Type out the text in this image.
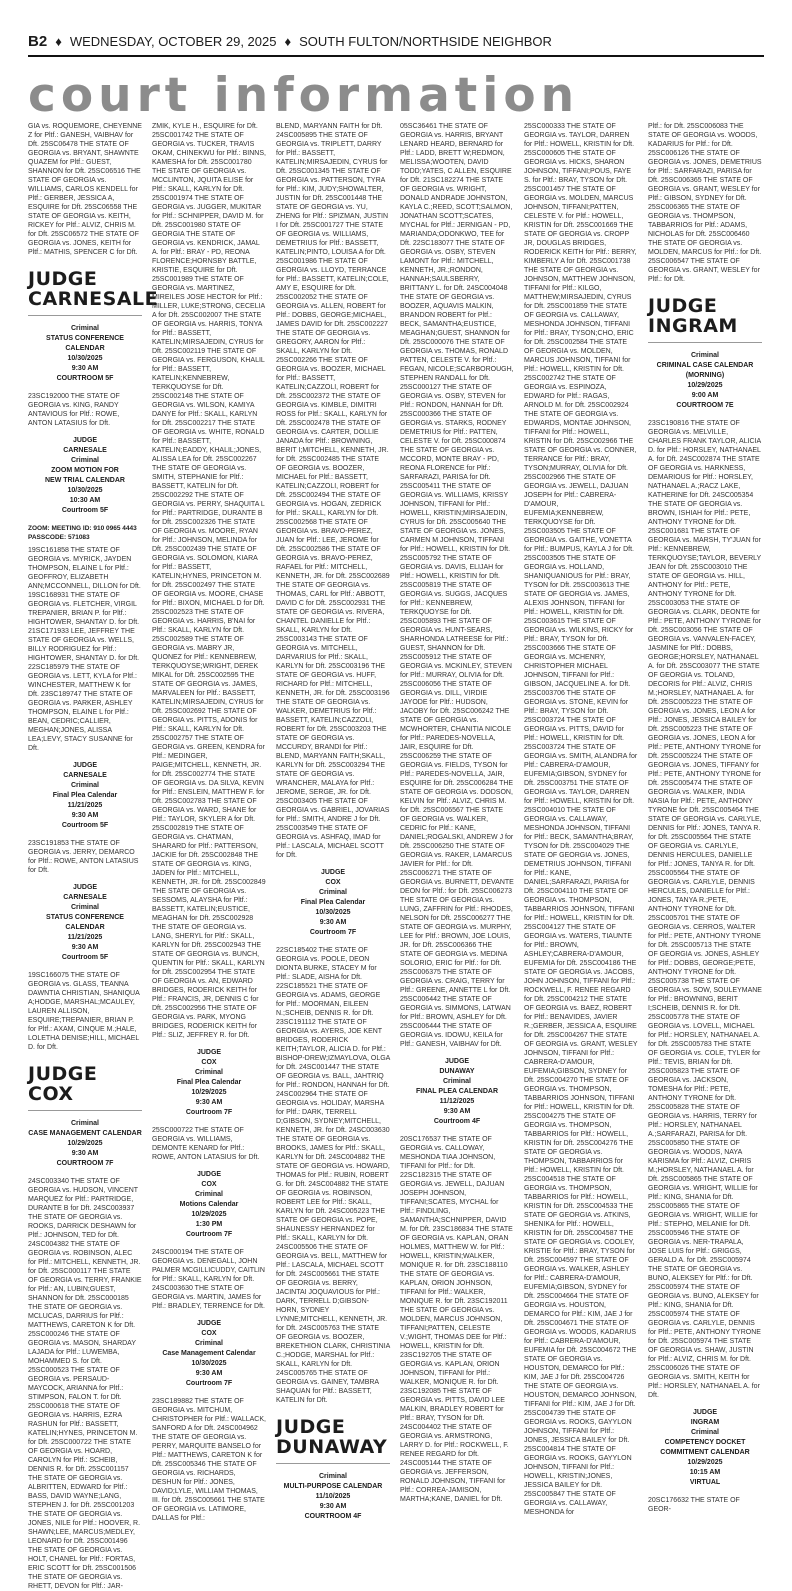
B2 ♦ WEDNESDAY, OCTOBER 29, 2025 ♦ SOUTH FULTON/NORTHSIDE NEIGHBOR
court information

GIA vs. ROQUEMORE, CHEYENNE Z for Pltf.: GANESH, VAIBHAV for Dft. 25SC06478 THE STATE OF GEORGIA vs. BRYANT, SHAWNTE QUAZEM for Pltf.: GUEST, SHANNON for Dft. 25SC06516 THE STATE OF GEORGIA vs. WILLIAMS, CARLOS KENDELL for Pltf.: GERBER, JESSICA A, ESQUIRE for Dft. 25SC06558 THE STATE OF GEORGIA vs. KEITH, RICKEY for Pltf.: ALVIZ, CHRIS M. for Dft. 25SC06572 THE STATE OF GEORGIA vs. JONES, KEITH for Pltf.: MATHIS, SPENCER C for Dft.

JUDGE
CARNESALE
Criminal
STATUS CONFERENCE CALENDAR
10/30/2025
9:30 AM
COURTROOM 5F

23SC192000 THE STATE OF GEORGIA vs. KING, RANDY ANTAVIOUS for Pltf.: ROWE, ANTON LATASIUS for Dft.

JUDGE
CARNESALE
Criminal
ZOOM MOTION FOR
NEW TRIAL CALENDAR
10/30/2025
10:30 AM
Courtroom 5F
ZOOM: MEETING ID: 910 0965 4443 PASSCODE: 571083

19SC161858 THE STATE OF GEORGIA vs. MYRICK, JAYDEN THOMPSON, ELAINE L for Pltf.: GEOFFROY, ELIZABETH ANN;MCCONNELL, DILLON for Dft. 19SC168931 THE STATE OF GEORGIA vs. FLETCHER, VIRGIL TREPANIER, BRIAN P. for Pltf.: HIGHTOWER, SHANTAY D. for Dft. 21SC171933 LEE, JEFFREY THE STATE OF GEORGIA vs. WELLS, BILLY RODRIGUEZ for Pltf.: HIGHTOWER, SHANTAY D. for Dft. 22SC185979 THE STATE OF GEORGIA vs. LETT, KYLA for Pltf.: WINCHESTER, MATTHEW K for Dft. 23SC189747 THE STATE OF GEORGIA vs. PARKER, ASHLEY THOMPSON, ELAINE L for Pltf.: BEAN, CEDRIC;CALLIER, MEGHAN;JONES, ALISSA LEA;LEVY, STACY SUSANNE for Dft.

JUDGE
CARNESALE
Criminal
Final Plea Calendar
11/21/2025
9:30 AM
Courtroom 5F

23SC191853 THE STATE OF GEORGIA vs. JERRY, DEMARCO for Pltf.: ROWE, ANTON LATASIUS for Dft.

JUDGE
CARNESALE
Criminal
STATUS CONFERENCE CALENDAR
11/21/2025
9:30 AM
Courtroom 5F

19SC166075 THE STATE OF GEORGIA vs. GLASS, TEANNA DAWNTIA CHRISTIAN, SHANIQUA A;HODGE, MARSHAL;MCAULEY, LAUREN ALLISON, ESQUIRE;TREPANIER, BRIAN P. for Pltf.: AXAM, CINQUE M.;HALE, LOLETHA DENISE;HILL, MICHAEL D. for Dft.

JUDGE
COX
Criminal
CASE MANAGEMENT CALENDAR
10/29/2025
9:30 AM
COURTROOM 7F

24SC003340 THE STATE OF GEORGIA vs. HUDSON, VINCENT MARQUEZ for Pltf.: PARTRIDGE, DURANTE B for Dft. 24SC003937 THE STATE OF GEORGIA vs. ROOKS, DARRICK DESHAWN for Pltf.: JOHNSON, TED for Dft. 24SC004382 THE STATE OF GEORGIA vs. ROBINSON, ALEC for Pltf.: MITCHELL, KENNETH, JR. for Dft. 25SC000117 THE STATE OF GEORGIA vs. TERRY, FRANKIE for Pltf.: AN, LUBIN;GUEST, SHANNON for Dft. 25SC000185 THE STATE OF GEORGIA vs. MCLUCAS, DARRIUS for Pltf.: MATTHEWS, CARETON K for Dft. 25SC000246 THE STATE OF GEORGIA vs. MASON, SHARDAY LAJADA for Pltf.: LUWEMBA, MOHAMMED S. for Dft. 25SC000523 THE STATE OF GEORGIA vs. PERSAUD-MAYCOCK, ARIANNA for Pltf.: STIMPSON, FALON T. for Dft. 25SC000618 THE STATE OF GEORGIA vs. HARRIS, EZRA RASHUN for Pltf.: BASSETT, KATELIN;HYNES, PRINCETON M. for Dft. 25SC000722 THE STATE OF GEORGIA vs. HOARD, CAROLYN for Pltf.: SCHEIB, DENNIS R. for Dft. 25SC001157 THE STATE OF GEORGIA vs. ALBRITTEN, EDWARD for Pltf.: BASS, DAVID WAYNE;LANG, STEPHEN J. for Dft. 25SC001203 THE STATE OF GEORGIA vs. JONES, NILE for Pltf.: HOOVER, R. SHAWN;LEE, MARCUS;MEDLEY, LEONARD for Dft. 25SC001496 THE STATE OF GEORGIA vs. HOLT, CHANEL for Pltf.: FORTAS, ERIC SCOTT for Dft. 25SC001506 THE STATE OF GEORGIA vs. RHETT, DEVON for Pltf.: JAR-

ZMIK, KYLE H., ESQUIRE for Dft. 25SC001742 THE STATE OF GEORGIA vs. TUCKER, TRAVIS OKAM, CHINEKWU for Pltf.: BINNS, KAMESHA for Dft. 25SC001780 THE STATE OF GEORGIA vs. MCCLINTON, JQUITA ELISE for Pltf.: SKALL, KARLYN for Dft. 25SC001974 THE STATE OF GEORGIA vs. JUGGER, MUKITAR for Pltf.: SCHNIPPER, DAVID M. for Dft. 25SC001980 STATE OF GEORGIA THE STATE OF GEORGIA vs. KENDRICK, JAMAL A. for Pltf.: BRAY - PD, REONA FLORENCE;HORNSBY BATTLE, KRISTIE, ESQUIRE for Dft. 25SC001989 THE STATE OF GEORGIA vs. MARTINEZ, MIREILES JOSE HECTOR for Pltf.: MILLER, LUKE;STRONG, CECELIA A for Dft. 25SC002007 THE STATE OF GEORGIA vs. HARRIS, TONYA for Pltf.: BASSETT, KATELIN;MIRSAJEDIN, CYRUS for Dft. 25SC002119 THE STATE OF GEORGIA vs. FERGUSON, KHALIL for Pltf.: BASSETT, KATELIN;KENNEBREW, TERKQUOYSE for Dft. 25SC002148 THE STATE OF GEORGIA vs. WILSON, KAMIYA DANYE for Pltf.: SKALL, KARLYN for Dft. 25SC002217 THE STATE OF GEORGIA vs. WHITE, RONALD for Pltf.: BASSETT, KATELIN;EADDY, KHALIL;JONES, ALISSA LEA for Dft. 25SC002267 THE STATE OF GEORGIA vs. SMITH, STEPHANIE for Pltf.: BASSETT, KATELIN for Dft. 25SC002292 THE STATE OF GEORGIA vs. PERRY, SHAQUITA L for Pltf.: PARTRIDGE, DURANTE B for Dft. 25SC002326 THE STATE OF GEORGIA vs. MOORE, RYAN for Pltf.: JOHNSON, MELINDA for Dft. 25SC002439 THE STATE OF GEORGIA vs. SOLOMON, KIARA for Pltf.: BASSETT, KATELIN;HYNES, PRINCETON M. for Dft. 25SC002497 THE STATE OF GEORGIA vs. MOORE, CHASE for Pltf.: BIXON, MICHAEL D for Dft. 25SC002523 THE STATE OF GEORGIA vs. HARRIS, B'NAI for Pltf.: SKALL, KARLYN for Dft. 25SC002589 THE STATE OF GEORGIA vs. MABRY JR, QUONEZ for Pltf.: KENNEBREW, TERKQUOYSE;WRIGHT, DEREK MIKAL for Dft. 25SC002595 THE STATE OF GEORGIA vs. JAMES, MARVALEEN for Pltf.: BASSETT, KATELIN;MIRSAJEDIN, CYRUS for Dft. 25SC002692 THE STATE OF GEORGIA vs. PITTS, ADONIS for Pltf.: SKALL, KARLYN for Dft. 25SC002757 THE STATE OF GEORGIA vs. GREEN, KENDRA for Pltf.: MEDINGER, PAIGE;MITCHELL, KENNETH, JR. for Dft. 25SC002774 THE STATE OF GEORGIA vs. DA SILVA, KEVIN for Pltf.: ENSLEIN, MATTHEW F. for Dft. 25SC002783 THE STATE OF GEORGIA vs. WARD, SHANE for Pltf.: TAYLOR, SKYLER A for Dft. 25SC002819 THE STATE OF GEORGIA vs. CHATMAN, SHARARD for Pltf.: PATTERSON, JACKIE for Dft. 25SC002848 THE STATE OF GEORGIA vs. KING, JADEN for Pltf.: MITCHELL, KENNETH, JR. for Dft. 25SC002849 THE STATE OF GEORGIA vs. SESSOMS, ALAYSHA for Pltf.: BASSETT, KATELIN;EUSTICE, MEAGHAN for Dft. 25SC002928 THE STATE OF GEORGIA vs. LANG, SHERYL for Pltf.: SKALL, KARLYN for Dft. 25SC002943 THE STATE OF GEORGIA vs. BUNCH, QUENTIN for Pltf.: SKALL, KARLYN for Dft. 25SC002954 THE STATE OF GEORGIA vs. AN, EDWARD BRIDGES, RODERICK KEITH for Pltf.: FRANCIS, JR, DENNIS C for Dft. 25SC002956 THE STATE OF GEORGIA vs. PARK, MYONG BRIDGES, RODERICK KEITH for Pltf.: SLIZ, JEFFREY R. for Dft.

JUDGE
COX
Criminal
Final Plea Calendar
10/29/2025
9:30 AM
Courtroom 7F

25SC000722 THE STATE OF GEORGIA vs. WILLIAMS, DEMONTE KENARD for Pltf.: ROWE, ANTON LATASIUS for Dft.

JUDGE
COX
Criminal
Motions Calendar
10/29/2025
1:30 PM
Courtroom 7F

24SC000194 THE STATE OF GEORGIA vs. DENEGALL, JOHN PALMER MCGILLICUDDY, CAITLIN for Pltf.: SKALL, KARLYN for Dft. 24SC003630 THE STATE OF GEORGIA vs. MARTIN, JAMES for Pltf.: BRADLEY, TERRENCE for Dft.

JUDGE
COX
Criminal
Case Management Calendar
10/30/2025
9:30 AM
Courtroom 7F

23SC189882 THE STATE OF GEORGIA vs. MITCHUM, CHRISTOPHER for Pltf.: WALLACK, SANFORD A for Dft. 24SC004962 THE STATE OF GEORGIA vs. PERRY, MARQUITE BANSELO for Pltf.: MATTHEWS, CARETON K for Dft. 25SC005346 THE STATE OF GEORGIA vs. RICHARDS, DESHUN for Pltf.: JONES, DAVID;LYLE, WILLIAM THOMAS, III. for Dft. 25SC005661 THE STATE OF GEORGIA vs. LATIMORE, DALLAS for Pltf.:

BLEND, MARYANN FAITH for Dft. 24SC005895 THE STATE OF GEORGIA vs. TRIPLETT, DARRY for Pltf.: BASSETT, KATELIN;MIRSAJEDIN, CYRUS for Dft. 25SC001345 THE STATE OF GEORGIA vs. PATTERSON, TYRA for Pltf.: KIM, JUDY;SHOWALTER, JUSTIN for Dft. 25SC001448 THE STATE OF GEORGIA vs. YU, ZHENG for Pltf.: SPIZMAN, JUSTIN I for Dft. 25SC001727 THE STATE OF GEORGIA vs. WILLIAMS, DEMETRIUS for Pltf.: BASSETT, KATELIN;PINTO, LOUISA A for Dft. 25SC001986 THE STATE OF GEORGIA vs. LLOYD, TERRANCE for Pltf.: BASSETT, KATELIN;COLE, AMY E, ESQUIRE for Dft. 25SC002052 THE STATE OF GEORGIA vs. ALLEN, ROBERT for Pltf.: DOBBS, GEORGE;MICHAEL, JAMES DAVID for Dft. 25SC002227 THE STATE OF GEORGIA vs. GREGORY, AARON for Pltf.: SKALL, KARLYN for Dft. 25SC002266 THE STATE OF GEORGIA vs. BOOZER, MICHAEL for Pltf.: BASSETT, KATELIN;CAZZOLI, ROBERT for Dft. 25SC002372 THE STATE OF GEORGIA vs. KIMBLE, DIMITRI ROSS for Pltf.: SKALL, KARLYN for Dft. 25SC002478 THE STATE OF GEORGIA vs. CARTER, DOLLIE JANADA for Pltf.: BROWNING, BERIT I;MITCHELL, KENNETH, JR. for Dft. 25SC002485 THE STATE OF GEORGIA vs. BOOZER, MICHAEL for Pltf.: BASSETT, KATELIN;CAZZOLI, ROBERT for Dft. 25SC002494 THE STATE OF GEORGIA vs. HOGAN, ZEDRICK for Pltf.: SKALL, KARLYN for Dft. 25SC002568 THE STATE OF GEORGIA vs. BRAVO-PEREZ, JUAN for Pltf.: LEE, JEROME for Dft. 25SC002586 THE STATE OF GEORGIA vs. BRAVO-PEREZ, RAFAEL for Pltf.: MITCHELL, KENNETH, JR. for Dft. 25SC002689 THE STATE OF GEORGIA vs. THOMAS, CARL for Pltf.: ABBOTT, DAVID C for Dft. 25SC002931 THE STATE OF GEORGIA vs. RIVERA, CHANTEL DANIELLE for Pltf.: SKALL, KARLYN for Dft. 25SC003143 THE STATE OF GEORGIA vs. MITCHELL, DARVARIUS for Pltf.: SKALL, KARLYN for Dft. 25SC003196 THE STATE OF GEORGIA vs. HUFF, RICHARD for Pltf.: MITCHELL, KENNETH, JR. for Dft. 25SC003196 THE STATE OF GEORGIA vs. WALKER, DEMETRIUS for Pltf.: BASSETT, KATELIN;CAZZOLI, ROBERT for Dft. 25SC003203 THE STATE OF GEORGIA vs. MCCURDY, BRANDI for Pltf.: BLEND, MARYANN FAITH;SKALL, KARLYN for Dft. 25SC003294 THE STATE OF GEORGIA vs. WRANCHER, MALAYA for Pltf.: JEROME, SERGE, JR. for Dft. 25SC003405 THE STATE OF GEORGIA vs. GABRIEL, JOVARIAS for Pltf.: SMITH, ANDRE J for Dft. 25SC003549 THE STATE OF GEORGIA vs. ASHFAQ, IMAD for Pltf.: LASCALA, MICHAEL SCOTT for Dft.

JUDGE
COX
Criminal
Final Plea Calendar
10/30/2025
9:30 AM
Courtroom 7F

22SC185402 THE STATE OF GEORGIA vs. POOLE, DEON DIONTA BURKE, STACEY M for Pltf.: SLADE, AISHA for Dft. 22SC185521 THE STATE OF GEORGIA vs. ADAMS, GEORGE for Pltf.: MOORMAN, EILEEN N.;SCHEIB, DENNIS R. for Dft. 23SC191112 THE STATE OF GEORGIA vs. AYERS, JOE KENT BRIDGES, RODERICK KEITH;TAYLOR, ALICIA D. for Pltf.: BISHOP-DREW;IZMAYLOVA, OLGA for Dft. 24SC001447 THE STATE OF GEORGIA vs. BALL, JAHTRIQ for Pltf.: RONDON, HANNAH for Dft. 24SC002964 THE STATE OF GEORGIA vs. HOLIDAY, MARSHA for Pltf.: DARK, TERRELL D;GIBSON, SYDNEY;MITCHELL, KENNETH, JR. for Dft. 24SC003630 THE STATE OF GEORGIA vs. BROOKS, JAMES for Pltf.: SKALL, KARLYN for Dft. 24SC004882 THE STATE OF GEORGIA vs. HOWARD, THOMAS for Pltf.: RUBIN, ROBERT G. for Dft. 24SC004882 THE STATE OF GEORGIA vs. ROBINSON, ROBERT LEE for Pltf.: SKALL, KARLYN for Dft. 24SC005223 THE STATE OF GEORGIA vs. POPE, SHAUNESSY HERNANDEZ for Pltf.: SKALL, KARLYN for Dft. 24SC005506 THE STATE OF GEORGIA vs. BELL, MATTHEW for Pltf.: LASCALA, MICHAEL SCOTT for Dft. 24SC005661 THE STATE OF GEORGIA vs. BERRY, JACINTAI JOQUAVIOUS for Pltf.: DARK, TERRELL D;GIBSON-HORN, SYDNEY LYNNE;MITCHELL, KENNETH, JR. for Dft. 24SC005763 THE STATE OF GEORGIA vs. BOOZER, BREKETHION CLARK, CHRISTINIA C.;HODGE, MARSHAL for Pltf.: SKALL, KARLYN for Dft. 24SC005765 THE STATE OF GEORGIA vs. GAINEY, TAMBRA SHAQUAN for Pltf.: BASSETT, KATELIN for Dft.

JUDGE
DUNAWAY
Criminal
MULTI-PURPOSE CALENDAR
11/10/2025
9:30 AM
COURTROOM 4F

05SC36461 THE STATE OF GEORGIA vs. HARRIS, BRYANT LENARD HEARD, BERNARD for Pltf.: LADD, BRETT W;REDMON, MELISSA;WOOTEN, DAVID TODD;YATES, C ALLEN, ESQUIRE for Dft. 21SC182274 THE STATE OF GEORGIA vs. WRIGHT, DONALD ANDRADE JOHNSTON, KAYLA C.;REED, SCOTT;SALMON, JONATHAN SCOTT;SCATES, MYCHAL for Pltf.: JERNIGAN - PD, MARIANDA;ODONKWO, TEE for Dft. 22SC183077 THE STATE OF GEORGIA vs. OSBY, STEVEN LAMONT for Pltf.: MITCHELL, KENNETH, JR.;RONDON, HANNAH;SAULSBERRY, BRITTANY L. for Dft. 24SC004048 THE STATE OF GEORGIA vs. BOOZER, AQUAVIS MALKIN, BRANDON ROBERT for Pltf.: BECK, SAMANTHA;EUSTICE, MEAGHAN;GUEST, SHANNON for Dft. 25SC000076 THE STATE OF GEORGIA vs. THOMAS, RONALD PATTEN, CELESTE V. for Pltf.: FEGAN, NICOLE;SCARBOROUGH, STEPHEN RANDALL for Dft. 25SC000127 THE STATE OF GEORGIA vs. OSBY, STEVEN for Pltf.: RONDON, HANNAH for Dft. 25SC000366 THE STATE OF GEORGIA vs. STARKS, RODNEY DEMETRIUS for Pltf.: PATTEN, CELESTE V. for Dft. 25SC000874 THE STATE OF GEORGIA vs. MCCORD, MONTE BRAY - PD, REONA FLORENCE for Pltf.: SARFARAZI, PARISA for Dft. 25SC005411 THE STATE OF GEORGIA vs. WILLIAMS, KRISSY JOHNSON, TIFFANI for Pltf.: HOWELL, KRISTIN;MIRSAJEDIN, CYRUS for Dft. 25SC005640 THE STATE OF GEORGIA vs. JONES, CARMEN M JOHNSON, TIFFANI for Pltf.: HOWELL, KRISTIN for Dft. 25SC005792 THE STATE OF GEORGIA vs. DAVIS, ELIJAH for Pltf.: HOWELL, KRISTIN for Dft. 25SC005819 THE STATE OF GEORGIA vs. SUGGS, JACQUES for Pltf.: KENNEBREW, TERKQUOYSE for Dft. 25SC005893 THE STATE OF GEORGIA vs. HUNT-SEARS, SHARHONDA LATREESE for Pltf.: GUEST, SHANNON for Dft. 25SC005912 THE STATE OF GEORGIA vs. MCKINLEY, STEVEN for Pltf.: MURRAY, OLIVIA for Dft. 25SC006056 THE STATE OF GEORGIA vs. DILL, VIRDIE JAYODE for Pltf.: HUDSON, JACOBY for Dft. 25SC006242 THE STATE OF GEORGIA vs. MCWHORTER, CHANITIA NICOLE for Pltf.: PAREDES-NOVELLA, JAIR, ESQUIRE for Dft. 25SC006259 THE STATE OF GEORGIA vs. FIELDS, TYSON for Pltf.: PAREDES-NOVELLA, JAIR, ESQUIRE for Dft. 25SC006284 THE STATE OF GEORGIA vs. DODSON, KELVIN for Pltf.: ALVIZ, CHRIS M. for Dft. 25SC006567 THE STATE OF GEORGIA vs. WALKER, CEDRIC for Pltf.: KANE, DANIEL;ROGALSKI, ANDREW J for Dft. 25SC006250 THE STATE OF GEORGIA vs. RAKER, LAMARCUS JAVIER for Pltf.: for Dft. 25SC006271 THE STATE OF GEORGIA vs. BURNETT, DEVANTE DEON for Pltf.: for Dft. 25SC006273 THE STATE OF GEORGIA vs. LUNG, ZAFFRIN for Pltf.: RHODES, NELSON for Dft. 25SC006277 THE STATE OF GEORGIA vs. MURPHY, LEE for Pltf.: BROWN, JOE LOUIS, JR. for Dft. 25SC006366 THE STATE OF GEORGIA vs. MEDINA SOLORIO, ERIC for Pltf.: for Dft. 25SC006375 THE STATE OF GEORGIA vs. CRAIG, TERRY for Pltf.: GREENE, ANNETTE L for Dft. 25SC006442 THE STATE OF GEORGIA vs. SIMMONS, LATWAN for Pltf.: BROWN, ASHLEY for Dft. 25SC006444 THE STATE OF GEORGIA vs. IDOWU, KEILA for Pltf.: GANESH, VAIBHAV for Dft.

JUDGE
DUNAWAY
Criminal
FINAL PLEA CALENDAR
11/12/2025
9:30 AM
Courtroom 4F

20SC176537 THE STATE OF GEORGIA vs. CALLOWAY, MESHONDA TIAA JOHNSON, TIFFANI for Pltf.: for Dft. 22SC182315 THE STATE OF GEORGIA vs. JEWELL, DAJUAN JOSEPH JOHNSON, TIFFANI;SCATES, MYCHAL for Pltf.: FINDLING, SAMANTHA;SCHNIPPER, DAVID M. for Dft. 23SC186834 THE STATE OF GEORGIA vs. KAPLAN, ORAN HOLMES, MATTHEW W. for Pltf.: HOWELL, KRISTIN;WALKER, MONIQUE R. for Dft. 23SC188110 THE STATE OF GEORGIA vs. KAPLAN, ORION JOHNSON, TIFFANI for Pltf.: WALKER, MONIQUE R. for Dft. 23SC192011 THE STATE OF GEORGIA vs. MOLDEN, MARCUS JOHNSON, TIFFANI;PATTEN, CELESTE V.;WIGHT, THOMAS DEE for Pltf.: HOWELL, KRISTIN for Dft. 23SC192705 THE STATE OF GEORGIA vs. KAPLAN, ORION JOHNSON, TIFFANI for Pltf.: WALKER, MONIQUE R. for Dft. 23SC192085 THE STATE OF GEORGIA vs. PITTS, DAVID LEE MALKIN, BRADLEY ROBERT for Pltf.: BRAY, TYSON for Dft. 24SC004402 THE STATE OF GEORGIA vs. ARMSTRONG, LARRY D. for Pltf.: ROCKWELL, F. RENEE REGARD for Dft. 24SC005144 THE STATE OF GEORGIA vs. JEFFERSON, RONALD JOHNSON, TIFFANI for Pltf.: CORREA-JAMISON, MARTHA;KANE, DANIEL for Dft.

25SC000333 THE STATE OF GEORGIA vs. TAYLOR, DARREN for Pltf.: HOWELL, KRISTIN for Dft. 25SC000605 THE STATE OF GEORGIA vs. HICKS, SHARON JOHNSON, TIFFANI;POUS, FAYE S. for Pltf.: BRAY, TYSON for Dft. 25SC001457 THE STATE OF GEORGIA vs. MOLDEN, MARCUS JOHNSON, TIFFANI;PATTEN, CELESTE V. for Pltf.: HOWELL, KRISTIN for Dft. 25SC001669 THE STATE OF GEORGIA vs. CROPP JR, DOUGLAS BRIDGES, RODERICK KEITH for Pltf.: BERRY, KIMBERLY A for Dft. 25SC001738 THE STATE OF GEORGIA vs. JOHNSON, MATTHEW JOHNSON, TIFFANI for Pltf.: KILGO, MATTHEW;MIRSAJEDIN, CYRUS for Dft. 25SC001859 THE STATE OF GEORGIA vs. CALLAWAY, MESHONDA JOHNSON, TIFFANI for Pltf.: BRAY, TYSON;CHO, ERIC for Dft. 25SC002584 THE STATE OF GEORGIA vs. MOLDEN, MARCUS JOHNSON, TIFFANI for Pltf.: HOWELL, KRISTIN for Dft. 25SC002742 THE STATE OF GEORGIA vs. ESPINOZA, EDWARD for Pltf.: RAGAS, ARNOLD M. for Dft. 25SC002924 THE STATE OF GEORGIA vs. EDWARDS, MONTAE JOHNSON, TIFFANI for Pltf.: HOWELL, KRISTIN for Dft. 25SC002966 THE STATE OF GEORGIA vs. CONNER, TERRANCE for Pltf.: BRAY, TYSON;MURRAY, OLIVIA for Dft. 25SC002966 THE STATE OF GEORGIA vs. JEWELL, DAJUAN JOSEPH for Pltf.: CABRERA-D'AMOUR, EUFEMIA;KENNEBREW, TERKQUOYSE for Dft. 25SC003505 THE STATE OF GEORGIA vs. GAITHE, VONETTA for Pltf.: BUMPUS, KAYLA J for Dft. 25SC003505 THE STATE OF GEORGIA vs. HOLLAND, SHANIQUANIOUS for Pltf.: BRAY, TYSON for Dft. 25SC003613 THE STATE OF GEORGIA vs. JAMES, ALEXIS JOHNSON, TIFFANI for Pltf.: HOWELL, KRISTIN for Dft. 25SC003615 THE STATE OF GEORGIA vs. WILKINS, RICKY for Pltf.: BRAY, TYSON for Dft. 25SC003666 THE STATE OF GEORGIA vs. MCHENRY, CHRISTOPHER MICHAEL JOHNSON, TIFFANI for Pltf.: GIBSON, JACQUELINE A. for Dft. 25SC003706 THE STATE OF GEORGIA vs. STONE, KEVIN for Pltf.: BRAY, TYSON for Dft. 25SC003724 THE STATE OF GEORGIA vs. PITTS, DAVID for Pltf.: HOWELL, KRISTIN for Dft. 25SC003724 THE STATE OF GEORGIA vs. SMITH, ALANDRA for Pltf.: CABRERA-D'AMOUR, EUFEMIA;GIBSON, SYDNEY for Dft. 25SC003751 THE STATE OF GEORGIA vs. TAYLOR, DARREN for Pltf.: HOWELL, KRISTIN for Dft. 25SC004010 THE STATE OF GEORGIA vs. CALLAWAY, MESHONDA JOHNSON, TIFFANI for Pltf.: BECK, SAMANTHA;BRAY, TYSON for Dft. 25SC004029 THE STATE OF GEORGIA vs. JONES, DEMETRIUS JOHNSON, TIFFANI for Pltf.: KANE, DANIEL;SARFARAZI, PARISA for Dft. 25SC004110 THE STATE OF GEORGIA vs. THOMPSON, TABBARRIOS JOHNSON, TIFFANI for Pltf.: HOWELL, KRISTIN for Dft. 25SC004127 THE STATE OF GEORGIA vs. WATERS, TIAUNTE for Pltf.: BROWN, ASHLEY;CABRERA-D'AMOUR, EUFEMIA for Dft. 25SC004186 THE STATE OF GEORGIA vs. JACOBS, JOHN JOHNSON, TIFFANI for Pltf.: ROCKWELL, F. RENEE REGARD for Dft. 25SC004212 THE STATE OF GEORGIA vs. BAEZ, ROBERT for Pltf.: BENAVIDES, JAVIER R.;GERBER, JESSICA A, ESQUIRE for Dft. 25SC004267 THE STATE OF GEORGIA vs. GRANT, WESLEY JOHNSON, TIFFANI for Pltf.: CABRERA-D'AMOUR, EUFEMIA;GIBSON, SYDNEY for Dft. 25SC004270 THE STATE OF GEORGIA vs. THOMPSON, TABBARRIOS JOHNSON, TIFFANI for Pltf.: HOWELL, KRISTIN for Dft. 25SC004275 THE STATE OF GEORGIA vs. THOMPSON, TABBARRIOS for Pltf.: HOWELL, KRISTIN for Dft. 25SC004276 THE STATE OF GEORGIA vs. THOMPSON, TABBARRIOS for Pltf.: HOWELL, KRISTIN for Dft. 25SC004518 THE STATE OF GEORGIA vs. THOMPSON, TABBARRIOS for Pltf.: HOWELL, KRISTIN for Dft. 25SC004533 THE STATE OF GEORGIA vs. ATKINS, SHENIKA for Pltf.: HOWELL, KRISTIN for Dft. 25SC004587 THE STATE OF GEORGIA vs. COOLEY, KRISTIE for Pltf.: BRAY, TYSON for Dft. 25SC004597 THE STATE OF GEORGIA vs. WALKER, ASHLEY for Pltf.: CABRERA-D'AMOUR, EUFEMIA;GIBSON, SYDNEY for Dft. 25SC004664 THE STATE OF GEORGIA vs. HOUSTON, DEMARCO for Pltf.: KIM, JAE J for Dft. 25SC004671 THE STATE OF GEORGIA vs. WOODS, KADARIUS for Pltf.: CABRERA-D'AMOUR, EUFEMIA for Dft. 25SC004672 THE STATE OF GEORGIA vs. HOUSTON, DEMARCO for Pltf.: KIM, JAE J for Dft. 25SC004726 THE STATE OF GEORGIA vs. HOUSTON, DEMARCO JOHNSON, TIFFANI for Pltf.: KIM, JAE J for Dft. 25SC004739 THE STATE OF GEORGIA vs. ROOKS, GAYYLON JOHNSON, TIFFANI for Pltf.: JONES, JESSICA BAILEY for Dft. 25SC004814 THE STATE OF GEORGIA vs. ROOKS, GAYYLON JOHNSON, TIFFANI for Pltf.: HOWELL, KRISTIN;JONES, JESSICA BAILEY for Dft. 25SC005847 THE STATE OF GEORGIA vs. CALLAWAY, MESHONDA for

Pltf.: for Dft. 25SC006083 THE STATE OF GEORGIA vs. WOODS, KADARIUS for Pltf.: for Dft. 25SC006126 THE STATE OF GEORGIA vs. JONES, DEMETRIUS for Pltf.: SARFARAZI, PARISA for Dft. 25SC006365 THE STATE OF GEORGIA vs. GRANT, WESLEY for Pltf.: GIBSON, SYDNEY for Dft. 25SC006365 THE STATE OF GEORGIA vs. THOMPSON, TABBARRIOS for Pltf.: ADAMS, NICHOLAS for Dft. 25SC006460 THE STATE OF GEORGIA vs. MOLDEN, MARCUS for Pltf.: for Dft. 25SC006547 THE STATE OF GEORGIA vs. GRANT, WESLEY for Pltf.: for Dft.

JUDGE
INGRAM
Criminal
CRIMINAL CASE CALENDAR
(MORNING)
10/29/2025
9:00 AM
COURTROOM 7E

23SC190816 THE STATE OF GEORGIA vs. MELVILLE, CHARLES FRANK TAYLOR, ALICIA D. for Pltf.: HORSLEY, NATHANAEL A. for Dft. 24SC002874 THE STATE OF GEORGIA vs. HARKNESS, DEMARIOUS for Pltf.: HORSLEY, NATHANAEL A.;RACZ LAKE, KATHERINE for Dft. 24SC005354 THE STATE OF GEORGIA vs. BROWN, ISHIAH for Pltf.: PETE, ANTHONY TYRONE for Dft. 25SC001681 THE STATE OF GEORGIA vs. MARSH, TY'JUAN for Pltf.: KENNEBREW, TERKQUOYSE;TAYLOR, BEVERLY JEAN for Dft. 25SC003010 THE STATE OF GEORGIA vs. HILL, ANTHONY for Pltf.: PETE, ANTHONY TYRONE for Dft. 25SC003053 THE STATE OF GEORGIA vs. CLARK, DEONTE for Pltf.: PETE, ANTHONY TYRONE for Dft. 25SC003056 THE STATE OF GEORGIA vs. VANVALEN-FACEY, JASMINE for Pltf.: DOBBS, GEORGE;HORSLEY, NATHANAEL A. for Dft. 25SC003077 THE STATE OF GEORGIA vs. TOLAND, DECORIS for Pltf.: ALVIZ, CHRIS M.;HORSLEY, NATHANAEL A. for Dft. 25SC005223 THE STATE OF GEORGIA vs. JONES, LEON A for Pltf.: JONES, JESSICA BAILEY for Dft. 25SC005223 THE STATE OF GEORGIA vs. JONES, LEON A for Pltf.: PETE, ANTHONY TYRONE for Dft. 25SC005224 THE STATE OF GEORGIA vs. JONES, TIFFANY for Pltf.: PETE, ANTHONY TYRONE for Dft. 25SC005474 THE STATE OF GEORGIA vs. WALKER, INDIA NASIA for Pltf.: PETE, ANTHONY TYRONE for Dft. 25SC005464 THE STATE OF GEORGIA vs. CARLYLE, DENNIS for Pltf.: JONES, TANYA R. for Dft. 25SC005564 THE STATE OF GEORGIA vs. CARLYLE, DENNIS HERCULES, DANIELLE for Pltf.: JONES, TANYA R. for Dft. 25SC005564 THE STATE OF GEORGIA vs. CARLYLE, DENNIS HERCULES, DANIELLE for Pltf.: JONES, TANYA R.;PETE, ANTHONY TYRONE for Dft. 25SC005701 THE STATE OF GEORGIA vs. CERROS, WALTER for Pltf.: PETE, ANTHONY TYRONE for Dft. 25SC005713 THE STATE OF GEORGIA vs. JONES, ASHLEY for Pltf.: DOBBS, GEORGE;PETE, ANTHONY TYRONE for Dft. 25SC005738 THE STATE OF GEORGIA vs. SOW, SOULEYMANE for Pltf.: BROWNING, BERIT I;SCHEIB, DENNIS R. for Dft. 25SC005778 THE STATE OF GEORGIA vs. LOVELL, MICHAEL for Pltf.: HORSLEY, NATHANAEL A. for Dft. 25SC005783 THE STATE OF GEORGIA vs. COLE, TYLER for Pltf.: TEVIS, BRIAN for Dft. 25SC005823 THE STATE OF GEORGIA vs. JACKSON, TOMESHA for Pltf.: PETE, ANTHONY TYRONE for Dft. 25SC005828 THE STATE OF GEORGIA vs. HARRIS, TERRY for Pltf.: HORSLEY, NATHANAEL A.;SARFARAZI, PARISA for Dft. 25SC005850 THE STATE OF GEORGIA vs. WOODS, NAYA KARISMA for Pltf.: ALVIZ, CHRIS M.;HORSLEY, NATHANAEL A. for Dft. 25SC005865 THE STATE OF GEORGIA vs. WRIGHT, WILLIE for Pltf.: KING, SHANIA for Dft. 25SC005865 THE STATE OF GEORGIA vs. WRIGHT, WILLIE for Pltf.: STEPHO, MELANIE for Dft. 25SC005946 THE STATE OF GEORGIA vs. NER-TRAPALA, JOSE LUIS for Pltf.: GRIGGS, GERALD A. for Dft. 25SC005974 THE STATE OF GEORGIA vs. BUNO, ALEKSEY for Pltf.: for Dft. 25SC005974 THE STATE OF GEORGIA vs. BUNO, ALEKSEY for Pltf.: KING, SHANIA for Dft. 25SC005974 THE STATE OF GEORGIA vs. CARLYLE, DENNIS for Pltf.: PETE, ANTHONY TYRONE for Dft. 25SC005974 THE STATE OF GEORGIA vs. SHAW, JUSTIN for Pltf.: ALVIZ, CHRIS M. for Dft. 25SC006026 THE STATE OF GEORGIA vs. SMITH, KEITH for Pltf.: HORSLEY, NATHANAEL A. for Dft.

JUDGE
INGRAM
Criminal
COMPETENCY DOCKET
COMMITMENT CALENDAR
10/29/2025
10:15 AM
VIRTUAL

20SC176632 THE STATE OF GEOR-
